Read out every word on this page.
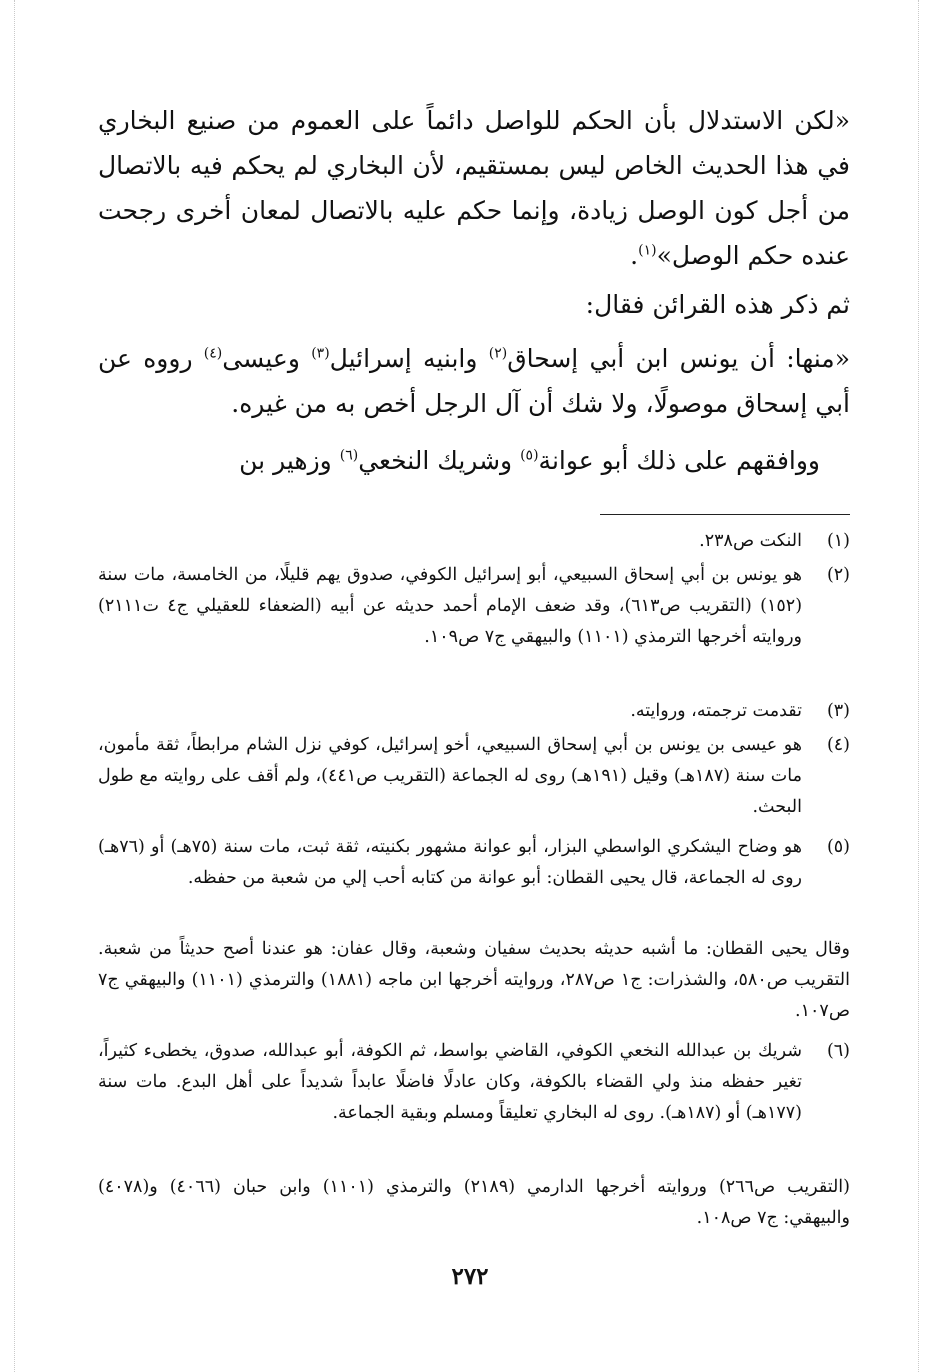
«لكن الاستدلال بأن الحكم للواصل دائماً على العموم من صنيع البخاري في هذا الحديث الخاص ليس بمستقيم، لأن البخاري لم يحكم فيه بالاتصال من أجل كون الوصل زيادة، وإنما حكم عليه بالاتصال لمعان أخرى رجحت عنده حكم الوصل»$^{(١)}$.
ثم ذكر هذه القرائن فقال:
«منها: أن يونس ابن أبي إسحاق$^{(٢)}$ وابنيه إسرائيل$^{(٣)}$ وعيسى$^{(٤)}$ رووه عن أبي إسحاق موصولًا، ولا شك أن آل الرجل أخص به من غيره.
ووافقهم على ذلك أبو عوانة$^{(٥)}$ وشريك النخعي$^{(٦)}$ وزهير بن
(١)
النكت ص٢٣٨.
(٢)
هو يونس بن أبي إسحاق السبيعي، أبو إسرائيل الكوفي، صدوق يهم قليلًا، من الخامسة، مات سنة (١٥٢) (التقريب ص٦١٣)، وقد ضعف الإمام أحمد حديثه عن أبيه (الضعفاء للعقيلي ج٤ ت٢١١١) وروايته أخرجها الترمذي (١١٠١) والبيهقي ج٧ ص١٠٩.
(٣)
تقدمت ترجمته، وروايته.
(٤)
هو عيسى بن يونس بن أبي إسحاق السبيعي، أخو إسرائيل، كوفي نزل الشام مرابطاً، ثقة مأمون، مات سنة (١٨٧هـ) وقيل (١٩١هـ) روى له الجماعة (التقريب ص٤٤١)، ولم أقف على روايته مع طول البحث.
(٥)
هو وضاح اليشكري الواسطي البزار، أبو عوانة مشهور بكنيته، ثقة ثبت، مات سنة (٧٥هـ) أو (٧٦هـ) روى له الجماعة، قال يحيى القطان: أبو عوانة من كتابه أحب إلي من شعبة من حفظه.
وقال يحيى القطان: ما أشبه حديثه بحديث سفيان وشعبة، وقال عفان: هو عندنا أصح حديثاً من شعبة. التقريب ص٥٨٠، والشذرات: ج١ ص٢٨٧، وروايته أخرجها ابن ماجه (١٨٨١) والترمذي (١١٠١) والبيهقي ج٧ ص١٠٧.
(٦)
شريك بن عبدالله النخعي الكوفي، القاضي بواسط، ثم الكوفة، أبو عبدالله، صدوق، يخطىء كثيراً، تغير حفظه منذ ولي القضاء بالكوفة، وكان عادلًا فاضلًا عابداً شديداً على أهل البدع. مات سنة (١٧٧هـ) أو (١٨٧هـ). روى له البخاري تعليقاً ومسلم وبقية الجماعة.
(التقريب ص٢٦٦) وروايته أخرجها الدارمي (٢١٨٩) والترمذي (١١٠١) وابن حبان (٤٠٦٦) و(٤٠٧٨) والبيهقي: ج٧ ص١٠٨.
٢٧٢
